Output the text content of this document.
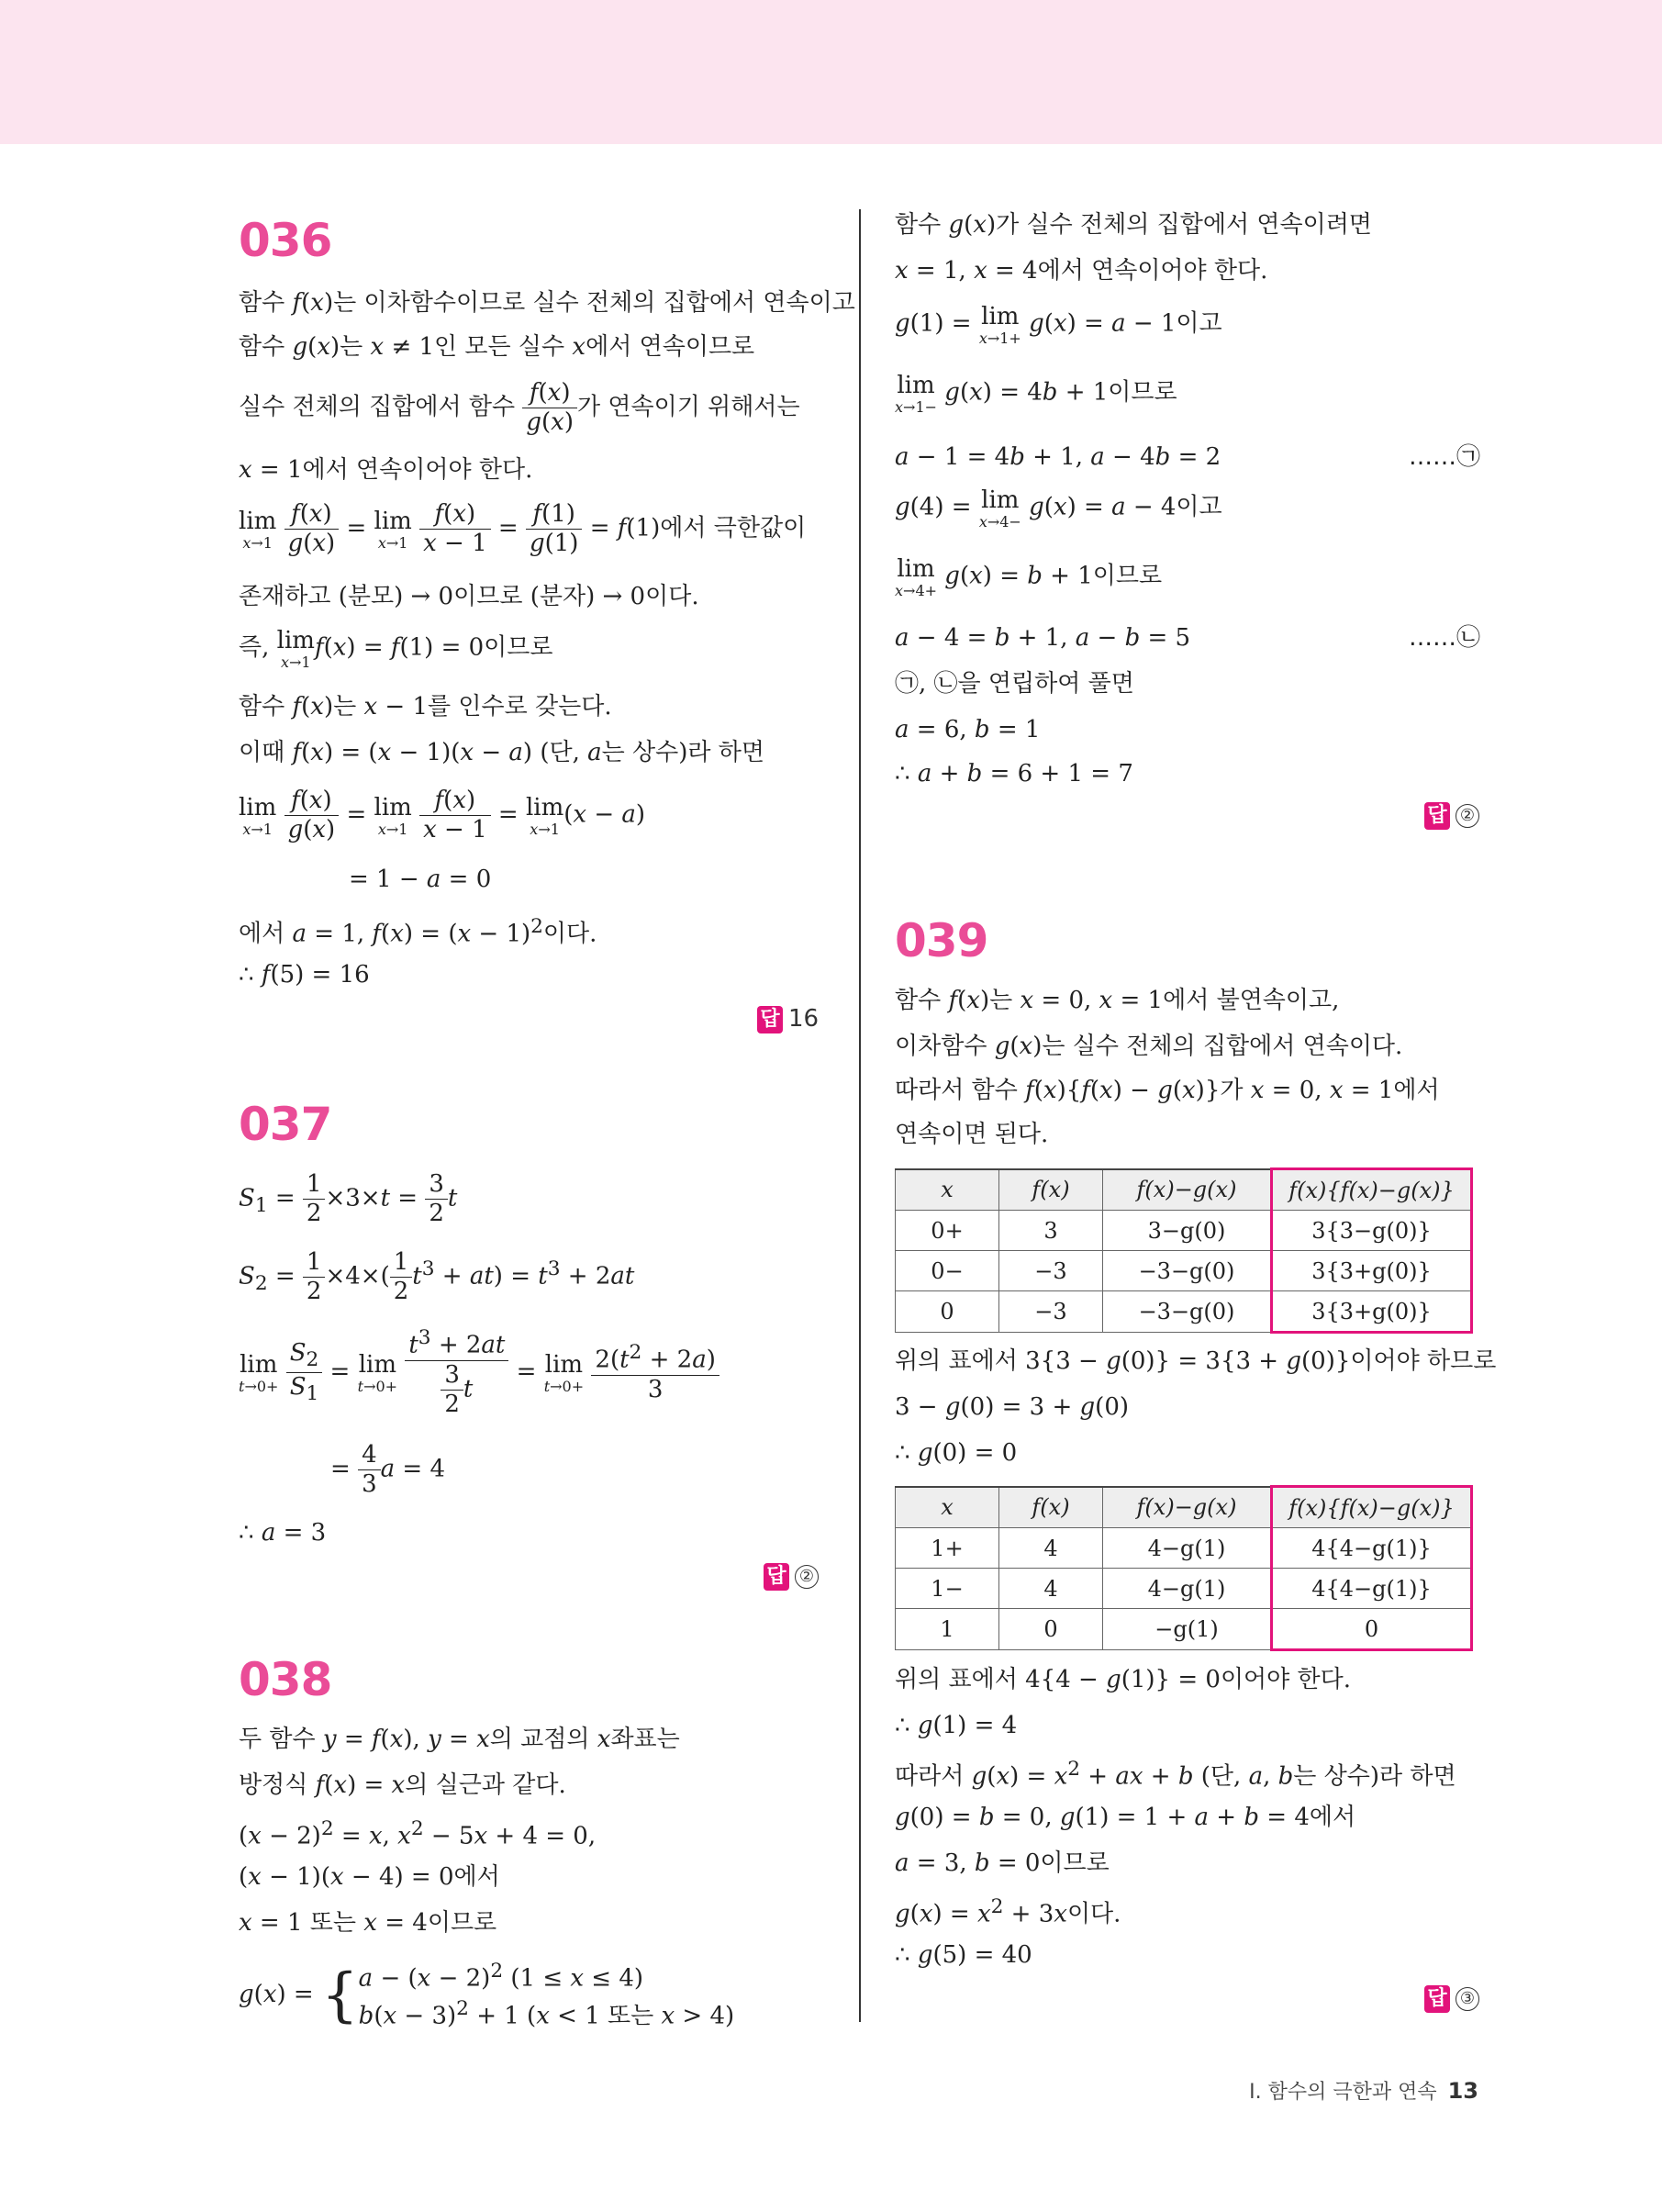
036
함수 f(x)는 이차함수이므로 실수 전체의 집합에서 연속이고
함수 g(x)는 x ≠ 1인 모든 실수 x에서 연속이므로
실수 전체의 집합에서 함수 $\frac{f(x)}{g(x)}$ 가 연속이기 위해서는
x = 1에서 연속이어야 한다.
lim
x→1
$\frac{f(x)}{g(x)} = \lim$
x→1
$\frac{f(x)}{x - 1} = \frac{f(1)}{g(1)} = f(1)$에서 극한값이
존재하고 (분모) → 0이므로 (분자) → 0이다.
즉, lim
x→1
f(x) = f(1) = 0이므로
함수 f(x)는 x − 1를 인수로 갖는다.
이때 f(x) = (x − 1)(x − a) (단, a는 상수)라 하면
lim
x→1
$\frac{f(x)}{g(x)} = \lim$
x→1
$\frac{f(x)}{x - 1} = \lim$
x→1
(x − a)
= 1 − a = 0
에서 a = 1, $f(x) = (x - 1)^2$이다.
∴ f(5) = 16
답 16
037
$S_1 = \frac{1}{2} \times 3\times t = \frac{3}{2}$ t
$S_2 = \frac{1}{2} \times 4\times( \frac{1}{2} t^3 + at) = t^3 + 2at$
lim
t→0+
$\frac{S_2}{S_1} = \lim$
t→0+
$\frac{t^3 + 2at}{\frac{3}{2} t} = \lim$
t→0+
$\frac{2(t^2 + 2a)}{3}$
= $\frac{4}{3}$ a = 4
∴ a = 3
답 ②
038
두 함수 y = f(x), y = x의 교점의 x좌표는
방정식 f(x) = x의 실근과 같다.
$(x - 2)^2 = x$, $x^2 - 5x + 4 = 0$,
(x − 1)(x − 4) = 0에서
x = 1 또는 x = 4이므로
g(x) = { $a - (x - 2)^2$ (1 ≤ x ≤ 4)
$b(x - 3)^2 + 1$ (x < 1 또는 x > 4)
함수 g(x)가 실수 전체의 집합에서 연속이려면
x = 1, x = 4에서 연속이어야 한다.
g(1) = lim
x→1+
g(x) = a − 1이고
lim
x→1−
g(x) = 4b + 1이므로
a − 1 = 4b + 1, a − 4b = 2	……㉠
g(4) = lim
x→4−
g(x) = a − 4이고
lim
x→4+
g(x) = b + 1이므로
a − 4 = b + 1, a − b = 5	……㉡
㉠, ㉡을 연립하여 풀면
a = 6, b = 1
∴ a + b = 6 + 1 = 7
답 ②
039
함수 f(x)는 x = 0, x = 1에서 불연속이고,
이차함수 g(x)는 실수 전체의 집합에서 연속이다.
따라서 함수 f(x){f(x) − g(x)}가 x = 0, x = 1에서
연속이면 된다.
x	f(x)	f(x)−g(x)	f(x){f(x)−g(x)}
0+	3	3−g(0)	3{3−g(0)}
0−	−3	−3−g(0)	3{3+g(0)}
0	−3	−3−g(0)	3{3+g(0)}
위의 표에서 3{3 − g(0)} = 3{3 + g(0)}이어야 하므로
3 − g(0) = 3 + g(0)
∴ g(0) = 0
x	f(x)	f(x)−g(x)	f(x){f(x)−g(x)}
1+	4	4−g(1)	4{4−g(1)}
1−	4	4−g(1)	4{4−g(1)}
1	0	−g(1)	0
위의 표에서 4{4 − g(1)} = 0이어야 한다.
∴ g(1) = 4
따라서 $g(x) = x^2$ + ax + b (단, a, b는 상수)라 하면
g(0) = b = 0, g(1) = 1 + a + b = 4에서
a = 3, b = 0이므로
$g(x) = x^2 + 3x$이다.
∴ g(5) = 40
답 ③
Ⅰ. 함수의 극한과 연속 13
